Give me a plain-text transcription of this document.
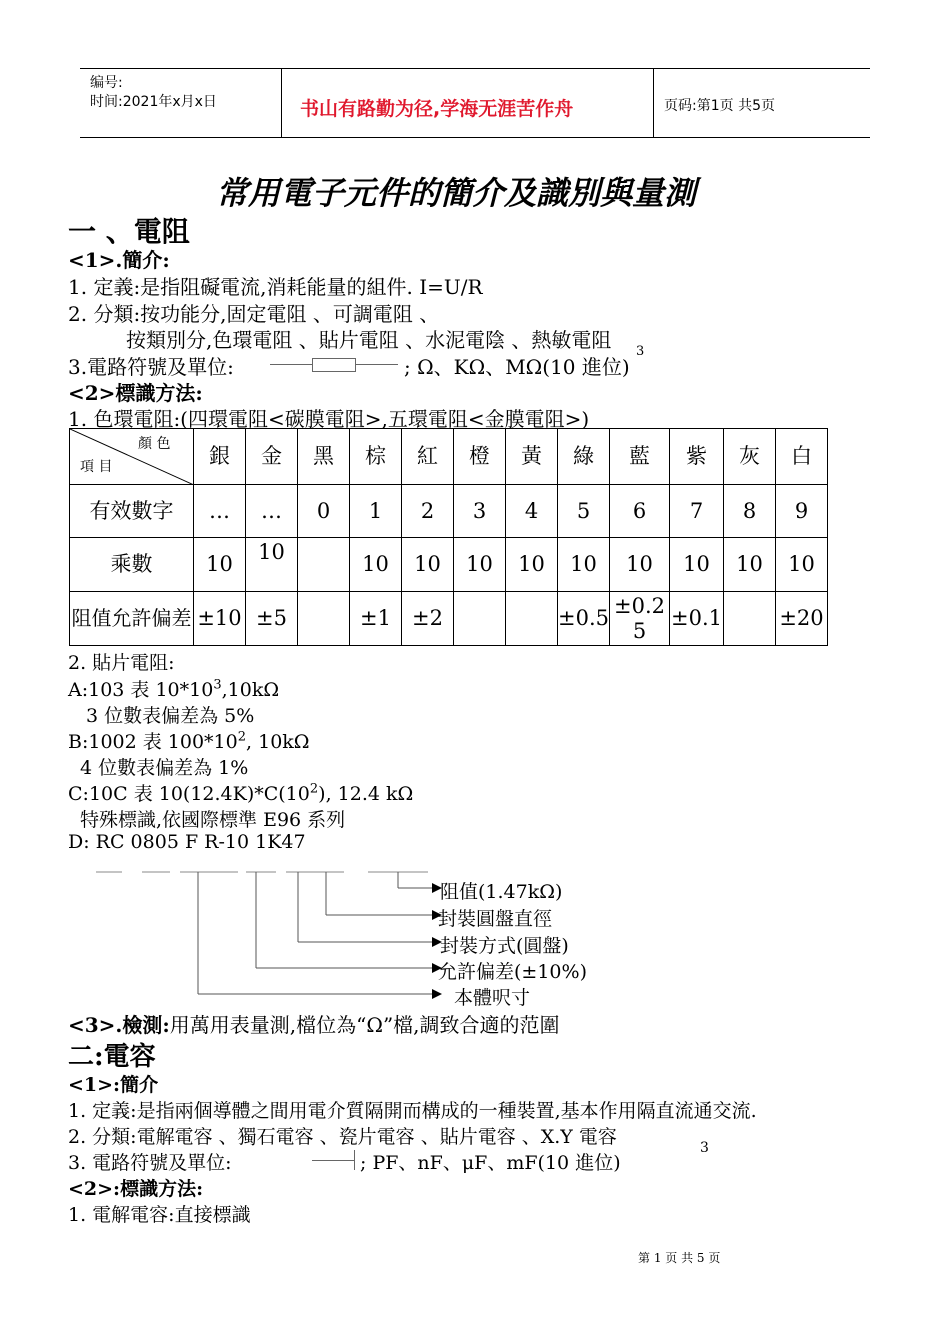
编号:
时间:2021年x月x日	书山有路勤为径,学海无涯苦作舟	页码:第1页 共5页
常用電子元件的簡介及識別與量測
一 、電阻
<1>.簡介:
1. 定義:是指阻礙電流,消耗能量的組件. I=U/R
2. 分類:按功能分,固定電阻 、可調電阻 、
按類別分,色環電阻 、貼片電阻 、水泥電陰 、熱敏電阻
3.電路符號及單位:	; Ω、KΩ、MΩ(10 進位)
3
<2>標識方法:
1. 色環電阻:(四環電阻<碳膜電阻>,五環電阻<金膜電阻>)
顏 色
項 目	銀	金	黑	棕	紅	橙	黃	綠	藍	紫	灰	白
有效數字	…	…	0	1	2	3	4	5	6	7	8	9
乘數	10	10		10	10	10	10	10	10	10	10	10
阻值允許偏差	±10	±5		±1	±2			±0.5	±0.25	±0.1		±20
2. 貼片電阻:
A:103 表 $10*10^3,10k\Omega$
3 位數表偏差為 5%
B:1002 表 $100*10^2$, 10kΩ
4 位數表偏差為 1%
C:10C 表 $10(12.4K)*C(10^2)$, 12.4 kΩ
特殊標識,依國際標準 E96 系列
D: RC 0805 F R-10 1K47
阻值(1.47kΩ)
封裝圓盤直徑
封裝方式(圓盤)
允許偏差(±10%)
本體呎寸
<3>.檢測:用萬用表量測,檔位為“Ω”檔,調致合適的范圍
二:電容
<1>:簡介
1. 定義:是指兩個導體之間用電介質隔開而構成的一種裝置,基本作用隔直流通交流.
2. 分類:電解電容 、獨石電容 、瓷片電容 、貼片電容 、X.Y 電容
3. 電路符號及單位:	; PF、nF、μF、mF(10 進位)
3
<2>:標識方法:
1. 電解電容:直接標識
第 1 页 共 5 页
